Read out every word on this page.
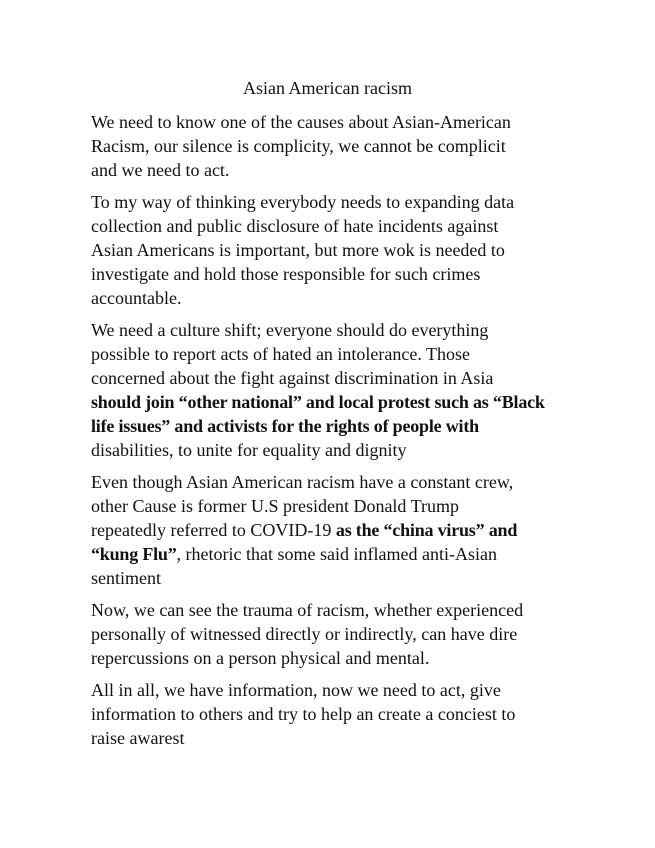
Asian American racism
We need to know one of the causes about Asian-American
Racism, our silence is complicity, we cannot be complicit
and we need to act.
To my way of thinking everybody needs to expanding data
collection and public disclosure of hate incidents against
Asian Americans is important, but more wok is needed to
investigate and hold those responsible for such crimes
accountable.
We need a culture shift; everyone should do everything
possible to report acts of hated an intolerance. Those
concerned about the fight against discrimination in Asia
should join “other national” and local protest such as “Black
life issues” and activists for the rights of people with
disabilities, to unite for equality and dignity
Even though Asian American racism have a constant crew,
other Cause is former U.S president Donald Trump
repeatedly referred to COVID-19 as the “china virus” and
“kung Flu”, rhetoric that some said inflamed anti-Asian
sentiment
Now, we can see the trauma of racism, whether experienced
personally of witnessed directly or indirectly, can have dire
repercussions on a person physical and mental.
All in all, we have information, now we need to act, give
information to others and try to help an create a conciest to
raise awarest
